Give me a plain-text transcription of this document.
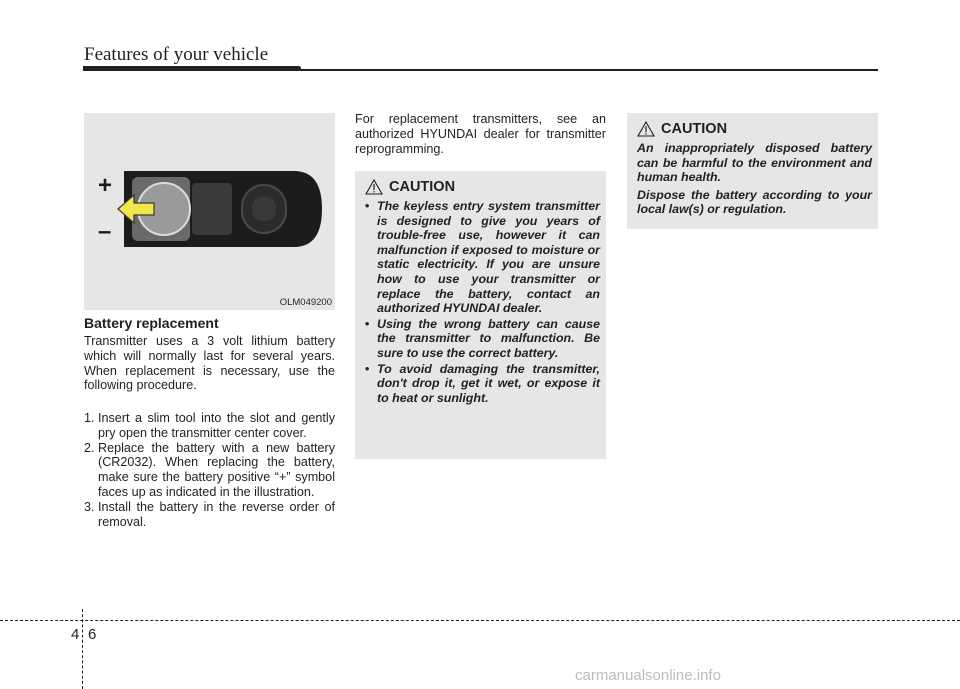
Features of your vehicle
+
–
OLM049200
Battery replacement
Transmitter uses a 3 volt lithium battery which will normally last for several years. When replacement is necessary, use the following procedure.
1. Insert a slim tool into the slot and gently pry open the transmitter center cover.
2. Replace the battery with a new battery (CR2032). When replacing the battery, make sure the battery positive “+” symbol faces up as indicated in the illustration.
3. Install the battery in the reverse order of removal.
For replacement transmitters, see an authorized HYUNDAI dealer for transmitter reprogramming.
CAUTION
• The keyless entry system transmitter is designed to give you years of trouble-free use, however it can malfunction if exposed to moisture or static electricity. If you are unsure how to use your transmitter or replace the battery, contact an authorized HYUNDAI dealer.
• Using the wrong battery can cause the transmitter to malfunction. Be sure to use the correct battery.
• To avoid damaging the transmitter, don't drop it, get it wet, or expose it to heat or sunlight.
CAUTION

An inappropriately disposed battery can be harmful to the environment and human health.

Dispose the battery according to your local law(s) or regulation.

4 6
carmanualsonline.info
